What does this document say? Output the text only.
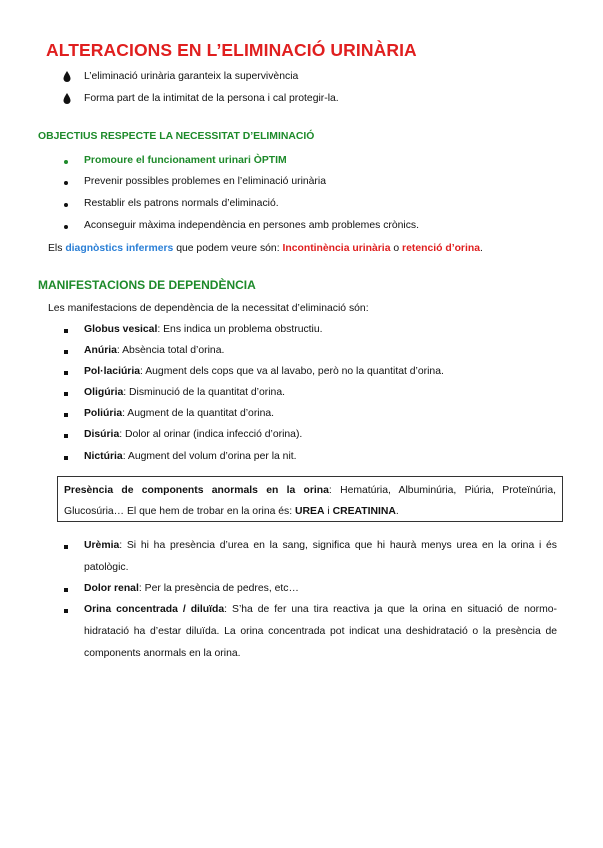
ALTERACIONS EN L’ELIMINACIÓ URINÀRIA
L’eliminació urinària garanteix la supervivència
Forma part de la intimitat de la persona i cal protegir-la.
OBJECTIUS RESPECTE LA NECESSITAT D’ELIMINACIÓ
Promoure el funcionament urinari ÒPTIM
Prevenir possibles problemes en l’eliminació urinària
Restablir els patrons normals d’eliminació.
Aconseguir màxima independència en persones amb problemes crònics.
Els diagnòstics infermers que podem veure són: Incontinència urinària o retenció d’orina.
MANIFESTACIONS DE DEPENDÈNCIA
Les manifestacions de dependència de la necessitat d’eliminació són:
Globus vesical: Ens indica un problema obstructiu.
Anúria: Absència total d’orina.
Pol·laciúria: Augment dels cops que va al lavabo, però no la quantitat d’orina.
Oligúria: Disminució de la quantitat d’orina.
Poliúria: Augment de la quantitat d’orina.
Disúria: Dolor al orinar (indica infecció d’orina).
Nictúria: Augment del volum d’orina per la nit.
Presència de components anormals en la orina: Hematúria, Albuminúria, Piúria, Proteïnúria, Glucosúria… El que hem de trobar en la orina és: UREA i CREATININA.
Urèmia: Si hi ha presència d’urea en la sang, significa que hi haurà menys urea en la orina i és patològic.
Dolor renal: Per la presència de pedres, etc…
Orina concentrada / diluïda: S’ha de fer una tira reactiva ja que la orina en situació de normo-hidratació ha d’estar diluïda. La orina concentrada pot indicat una deshidratació o la presència de components anormals en la orina.
